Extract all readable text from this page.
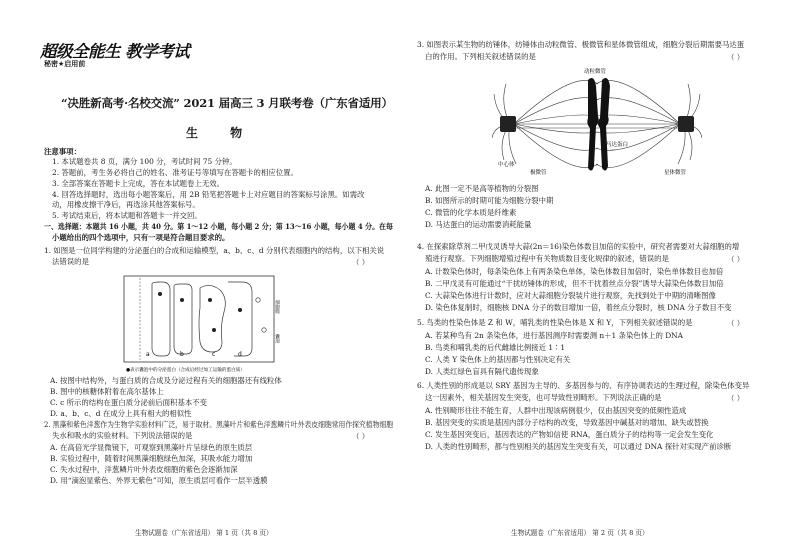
超级全能生 教学考试
秘密★启用前
“决胜新高考·名校交流” 2021 届高三 3 月联考卷（广东省适用）
生 物
注意事项：
1. 本试题卷共 8 页，满分 100 分，考试时间 75 分钟。
2. 答题前，考生务必将自己的姓名、准考证号等填写在答题卡的相应位置。
3. 全部答案在答题卡上完成，答在本试题卷上无效。
4. 回答选择题时，选出每小题答案后，用 2B 铅笔把答题卡上对应题目的答案标号涂黑。如需改
动，用橡皮擦干净后，再选涂其他答案标号。
5. 考试结束后，将本试题和答题卡一并交回。
一、选择题：本题共 16 小题，共 40 分。第 1～12 小题，每小题 2 分；第 13～16 小题，每小题 4 分。在每
小题给出的四个选项中，只有一项是符合题目要求的。
1. 如图是一位同学构建的分泌蛋白的合成和运输模型，a、b、c、d 分别代表细胞内的结构，以下相关说
法错误的是	（ ）
a	b	c	d
细胞膜
囊泡
●表示囊泡中的分泌蛋白（合成后经过加工运输的蛋白质）
A. 按图中结构外，与蛋白质的合成及分泌过程有关的细胞器还有线粒体
B. 图中的核糖体附着在高尔基体上
C. c 所示的结构在蛋白质分泌前后面积基本不变
D. a、b、c、d 在成分上具有相大的相似性
2. 黑藻和紫色洋葱作为生物学实验材料广泛，易于取材。黑藻叶片和紫色洋葱鳞片叶外表皮细胞常用作探究植物细胞
失水和吸水的实验材料。下列说法错误的是	（ ）
A. 在高倍光学显微镜下，可观察到黑藻叶片呈绿色的原生质层
B. 实验过程中，随着时间黑藻细胞绿色加深，其吸水能力增加
C. 失水过程中，洋葱鳞片叶外表皮细胞的紫色会逐渐加深
D. 用“滴泡显紫色、外界无紫色”可知，原生质层可看作一层半透膜
生物试题卷（广东省适用） 第 1 页（共 8 页）
3. 如图表示某生物的纺锤体，纺锤体由动粒微管、极微管和星体微管组成，细胞分裂后期需要马达蛋
白的作用。下列相关叙述错误的是	（ ）
动粒微管
马达蛋白
中心体
极微管	星体微管
A. 此图一定不是高等植物的分裂图
B. 如图所示的时期可能为细胞分裂中期
C. 微管的化学本质是纤维素
D. 马达蛋白的运动需要消耗能量
4. 在探索除草剂二甲戊灵诱导大蒜(2n＝16)染色体数目加倍的实验中，研究者需要对大蒜细胞的增
殖进行观察。下列细胞增殖过程中有关物质数目变化规律的叙述，错误的是	（ ）
A. 计数染色体时，每条染色体上有两条染色单体，染色体数目加倍时，染色单体数目也加倍
B. 二甲戊灵有可能通过“干扰纺锤体的形成，但不干扰着丝点分裂”诱导大蒜染色体数目加倍
C. 大蒜染色体进行计数时，应对大蒜细胞分裂装片进行观察，先找到处于中期的清晰图像
D. 染色体复制时，细胞核 DNA 分子的数目增加一倍，着丝点分裂时，核 DNA 分子数目不变
5. 鸟类的性染色体是 Z 和 W，哺乳类的性染色体是 X 和 Y，下列相关叙述错误的是	（ ）
A. 若某种鸟有 2n 条染色体，进行基因测序时需要测 n＋1 条染色体上的 DNA
B. 鸟类和哺乳类的后代雌雄比例接近 1∶1
C. 人类 Y 染色体上的基因都与性别决定有关
D. 人类红绿色盲具有隔代遗传现象
6. 人类性别的形成是以 SRY 基因为主导的、多基因参与的、有序协调表达的生理过程，除染色体变异
这一因素外，相关基因发生突变，也可导致性别畸形。下列说法正确的是	（ ）
A. 性别畸形往往不能生育，人群中出现该病例很少，仅由基因突变的低频性造成
B. 基因突变的实质是基因内部分子结构的改变，导致基因中碱基对的增加、缺失或替换
C. 发生基因突变后，基因表达的产物如信使 RNA，蛋白质分子的结构等一定会发生变化
D. 人类的性别畸形，都与性别相关的基因发生突变有关，可以通过 DNA 探针对实现产前诊断
生物试题卷（广东省适用） 第 2 页（共 8 页）
